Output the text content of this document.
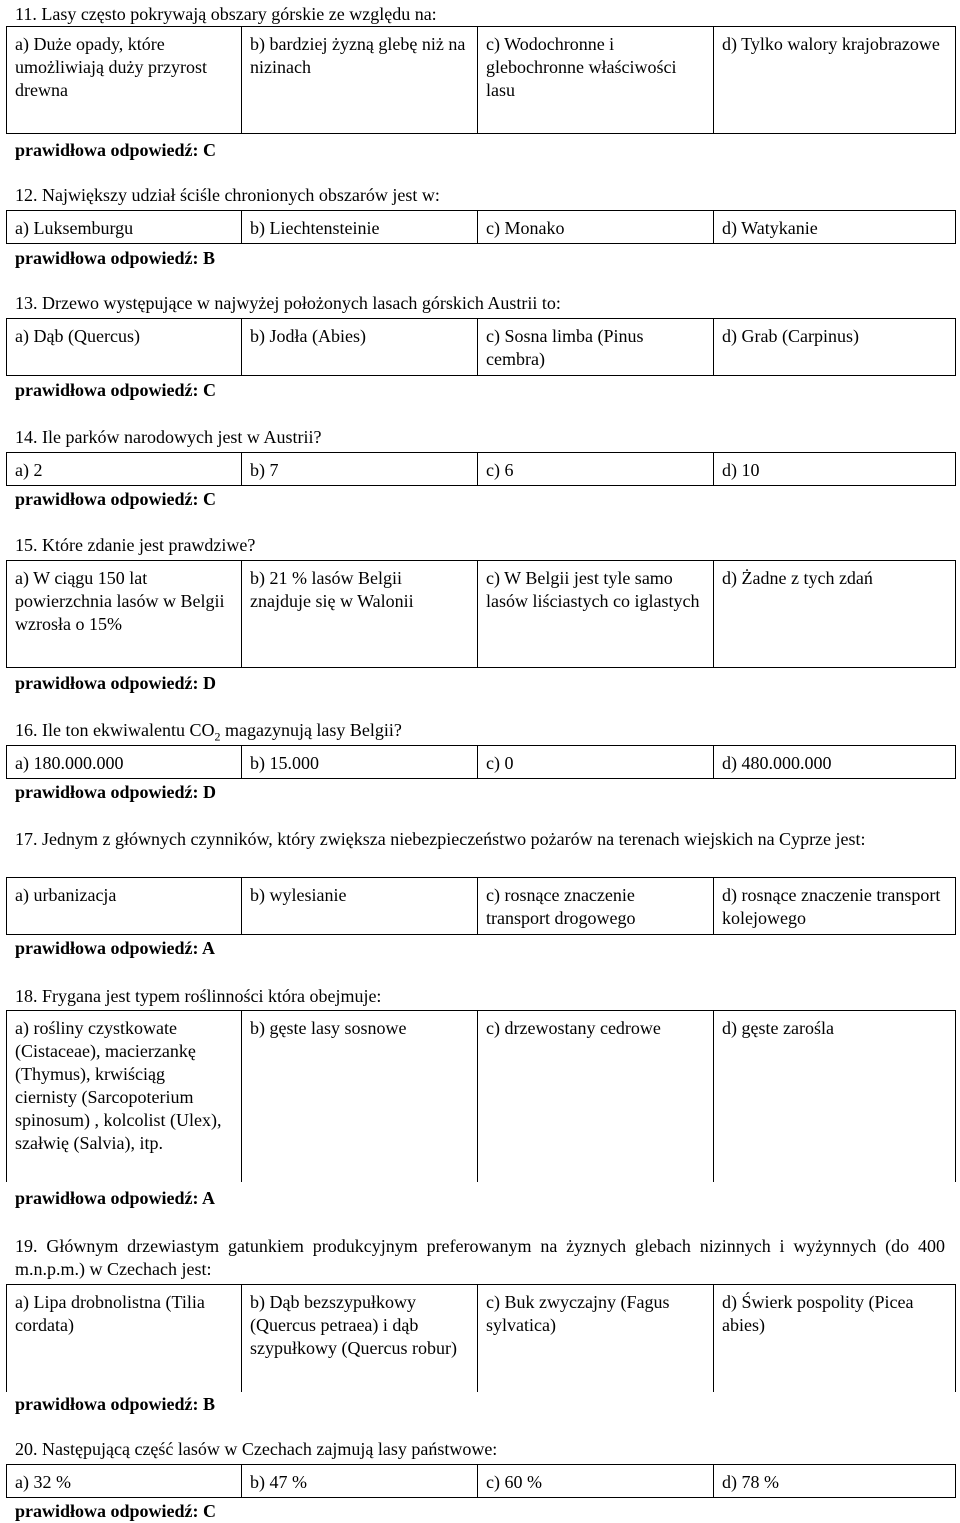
11. Lasy często pokrywają obszary górskie ze względu na:
a) Duże opady, które umożliwiają duży przyrost drewna	b) bardziej żyzną glebę niż na nizinach	c) Wodochronne i glebochronne właściwości lasu	d) Tylko walory krajobrazowe
prawidłowa odpowiedź: C
12. Największy udział ściśle chronionych obszarów jest w:
a) Luksemburgu	b) Liechtensteinie	c) Monako	d) Watykanie
prawidłowa odpowiedź: B
13. Drzewo występujące w najwyżej położonych lasach górskich Austrii to:
a) Dąb (Quercus)	b) Jodła (Abies)	c) Sosna limba (Pinus cembra)	d) Grab (Carpinus)
prawidłowa odpowiedź: C
14. Ile parków narodowych jest w Austrii?
a) 2	b) 7	c) 6	d) 10
prawidłowa odpowiedź: C
15. Które zdanie jest prawdziwe?
a) W ciągu 150 lat powierzchnia lasów w Belgii wzrosła o 15%	b) 21 % lasów Belgii znajduje się w Walonii	c) W Belgii jest tyle samo lasów liściastych co iglastych	d) Żadne z tych zdań
prawidłowa odpowiedź: D
16. Ile ton ekwiwalentu $CO_2$ magazynują lasy Belgii?
a) 180.000.000	b) 15.000	c) 0	d) 480.000.000
prawidłowa odpowiedź: D
17. Jednym z głównych czynników, który zwiększa niebezpieczeństwo pożarów na terenach wiejskich na Cyprze jest:
a) urbanizacja	b) wylesianie	c) rosnące znaczenie transport drogowego	d) rosnące znaczenie transport kolejowego
prawidłowa odpowiedź: A
18. Frygana jest typem roślinności która obejmuje:
a) rośliny czystkowate (Cistaceae), macierzankę (Thymus), krwiściąg ciernisty (Sarcopoterium spinosum) , kolcolist (Ulex), szałwię (Salvia), itp.	b) gęste lasy sosnowe	c) drzewostany cedrowe	d) gęste zarośla
prawidłowa odpowiedź: A
19. Głównym drzewiastym gatunkiem produkcyjnym preferowanym na żyznych glebach nizinnych i wyżynnych (do 400 m.n.p.m.) w Czechach jest:
a) Lipa drobnolistna (Tilia cordata)	b) Dąb bezszypułkowy (Quercus petraea) i dąb szypułkowy (Quercus robur)	c) Buk zwyczajny (Fagus sylvatica)	d) Świerk pospolity (Picea abies)
prawidłowa odpowiedź: B
20. Następującą część lasów w Czechach zajmują lasy państwowe:
a) 32 %	b) 47 %	c) 60 %	d) 78 %
prawidłowa odpowiedź: C
